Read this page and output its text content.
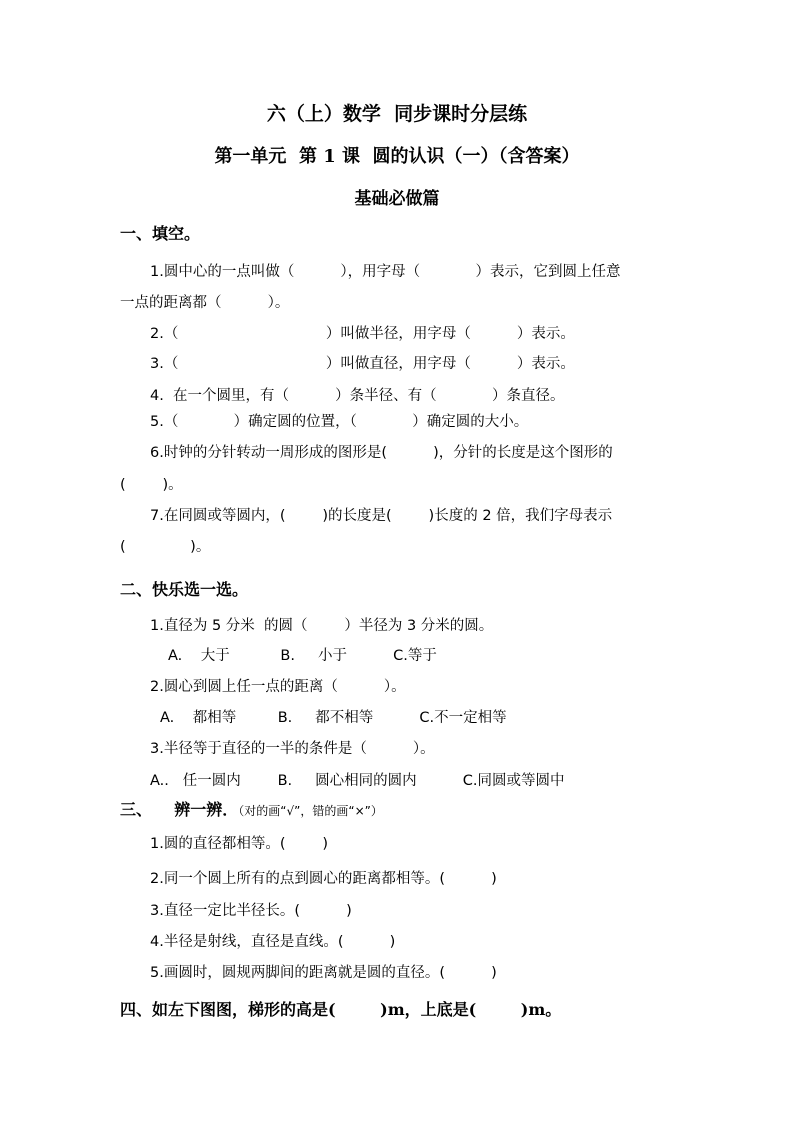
六（上）数学  同步课时分层练
第一单元  第 1 课  圆的认识（一）（含答案）
基础必做篇
一、填空。
1.圆中心的一点叫做（          ），用字母（            ）表示，它到圆上任意
一点的距离都（          ）。
2.（                                ）叫做半径，用字母（          ）表示。
3.（                                ）叫做直径，用字母（          ）表示。
4.  在一个圆里，有（          ）条半径、有（            ）条直径。
5.（            ）确定圆的位置，（            ）确定圆的大小。
6.时钟的分针转动一周形成的图形是(          )，分针的长度是这个图形的
(        )。
7.在同圆或等圆内，(        )的长度是(        )长度的 2 倍，我们字母表示
(              )。
二、快乐选一选。
1.直径为 5 分米  的圆（        ）半径为 3 分米的圆。
A.    大于           B.     小于          C.等于
2.圆心到圆上任一点的距离（          ）。
A.    都相等         B.     都不相等          C.不一定相等
3.半径等于直径的一半的条件是（          ）。
A..   任一圆内        B.     圆心相同的圆内          C.同圆或等圆中
三、    辨一辨．（对的画“√”，错的画“×”）
1.圆的直径都相等。(        )
2.同一个圆上所有的点到圆心的距离都相等。(          )
3.直径一定比半径长。(          )
4.半径是射线，直径是直线。(          )
5.画圆时，圆规两脚间的距离就是圆的直径。(          )
四、如左下图图，梯形的高是(        )m，上底是(        )m。
